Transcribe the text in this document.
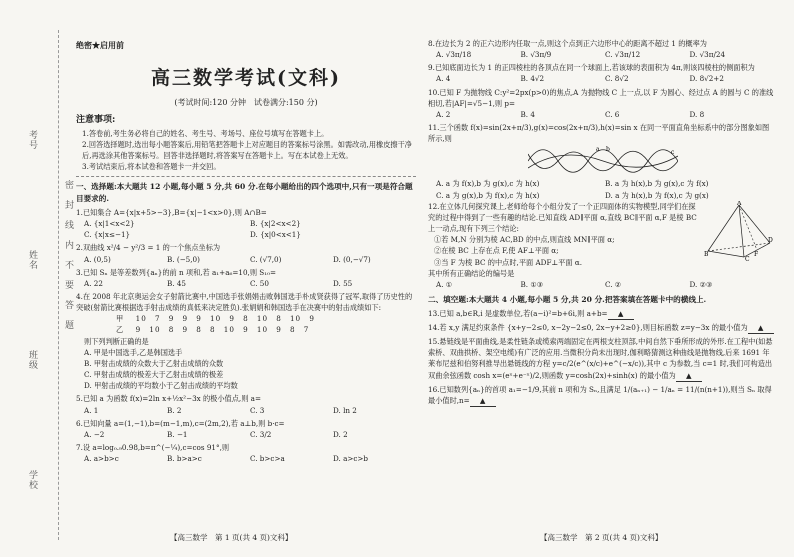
密　封　线　内　不　要　答　题
考号
姓名
班级
学校
绝密★启用前
高三数学考试(文科)
(考试时间:120 分钟　试卷满分:150 分)
注意事项:
1.答卷前,考生务必将自己的姓名、考生号、考场号、座位号填写在答题卡上。
2.回答选择题时,选出每小题答案后,用铅笔把答题卡上对应题目的答案标号涂黑。如需改动,用橡皮擦干净后,再选涂其他答案标号。回答非选择题时,将答案写在答题卡上。写在本试卷上无效。
3.考试结束后,将本试卷和答题卡一并交回。
一、选择题:本大题共 12 小题,每小题 5 分,共 60 分.在每小题给出的四个选项中,只有一项是符合题目要求的.
1.已知集合 A={x|x+5>−3},B={x|−1<x>0},则 A∩B=
A. {x|1<x<2}	B. {x|2<x<2}
C. {x|x≤−1}	D. {x|0<x<1}
2.双曲线 x²/4 − y²/3 = 1 的一个焦点坐标为
A. (0,5)	B. (−5,0)	C. (√7,0)	D. (0,−√7)
3.已知 Sₙ 是等差数列{aₙ}的前 n 项和,若 a₁+a₆=10,则 S₁₀=
A. 22	B. 45	C. 50	D. 55
4.在 2008 年北京奥运会女子射箭比赛中,中国选手张娟娟击败韩国选手朴成贤获得了冠军,取得了历史性的突破(射箭比赛根据选手射击成绩的真低来决定胜负).张娟娟和韩国选手在决赛中的射击成绩如下:
甲　 10　7　9　9　9　10　9　8　10　8　10　9
乙　 9　10　8　9　8　8　10　9　10　9　8　7
则下列判断正确的是
A. 甲是中国选手,乙是韩国选手
B. 甲射击成绩的众数大于乙射击成绩的众数
C. 甲射击成绩的极差大于乙射击成绩的极差
D. 甲射击成绩的平均数小于乙射击成绩的平均数
5.已知 a 为函数 f(x)=2ln x+½x²−3x 的极小值点,则 a=
A. 1	B. 2	C. 3	D. ln 2
6.已知向量 a=(1,−1),b=(m−1,m),c=(2m,2),若 a⊥b,则 b·c=
A. −2	B. −1	C. 3/2	D. 2
7.设 a=log₀.₉0.98,b=π^(−¼),c=cos 91°,则
A. a>b>c	B. b>a>c	C. b>c>a	D. a>c>b
8.在边长为 2 的正六边形内任取一点,则这个点到正六边形中心的距离不超过 1 的概率为
A. √3π/18	B. √3π/9	C. √3π/12	D. √3π/24
9.已知底面边长为 1 的正四棱柱的各顶点在同一个球面上,若该球的表面积为 4π,则该四棱柱的侧面积为
A. 4	B. 4√2	C. 8√2	D. 8√2+2
10.已知 F 为抛物线 C:y²=2px(p>0)的焦点,A 为抛物线 C 上一点,以 F 为圆心、经过点 A 的圆与 C 的准线相切,若|AF|=√5−1,则 p=
A. 2	B. 4	C. 6	D. 8
11.三个函数 f(x)=sin(2x+π/3),g(x)=cos(2x+π/3),h(x)=sin x 在同一平面直角坐标系中的部分图象如图所示,则
a b	c
A. a 为 f(x),b 为 g(x),c 为 h(x)	B. a 为 h(x),b 为 g(x),c 为 f(x)
C. a 为 g(x),b 为 f(x),c 为 h(x)	D. a 为 h(x),b 为 f(x),c 为 g(x)
12.在立体几何探究课上,老师给每个小组分发了一个正四面体的实物模型,同学们在探究的过程中得到了一些有趣的结论.已知直线 AD∥平面 α,直线 BC∥平面 α,F 是棱 BC 上一动点,现有下列三个结论:
①若 M,N 分别为棱 AC,BD 的中点,则直线 MN∥平面 α;
②在棱 BC 上存在点 F,使 AF⊥平面 α;
③当 F 为棱 BC 的中点时,平面 ADF⊥平面 α.
其中所有正确结论的编号是
A. ①	B. ①③	C. ②	D. ②③
A
B
C
D
F
二、填空题:本大题共 4 小题,每小题 5 分,共 20 分.把答案填在答题卡中的横线上.
13.已知 a,b∈R,i 是虚数单位,若(a−i)²=b+6i,则 a+b= ▲
14.若 x,y 满足约束条件 {x+y−2≤0, x−2y−2≤0, 2x−y+2≥0},则目标函数 z=y−3x 的最小值为 ▲
15.悬链线是平面曲线,是柔性链条或缆索两端固定在两根支柱顶部,中间自然下垂所形成的外形.在工程中(如悬索桥、双曲拱桥、架空电缆)有广泛的应用.当微积分尚未出现时,伽利略猜测这种曲线是抛物线,后来 1691 年莱布尼兹和伯努利推导出悬链线的方程 y=c/2(e^(x/c)+e^(−x/c)),其中 c 为参数,当 c=1 时,我们可构造出双曲余弦函数 cosh x=(eˣ+e⁻ˣ)/2,则函数 y=cosh(2x)+sinh(x) 的最小值为 ▲
16.已知数列{aₙ}的首项 a₁=−1/9,其前 n 项和为 Sₙ,且满足 1/(aₙ₊₁) − 1/aₙ = 11/(n(n+1)),则当 Sₙ 取得最小值时,n= ▲
【高三数学　第 1 页(共 4 页)文科】	【高三数学　第 2 页(共 4 页)文科】
